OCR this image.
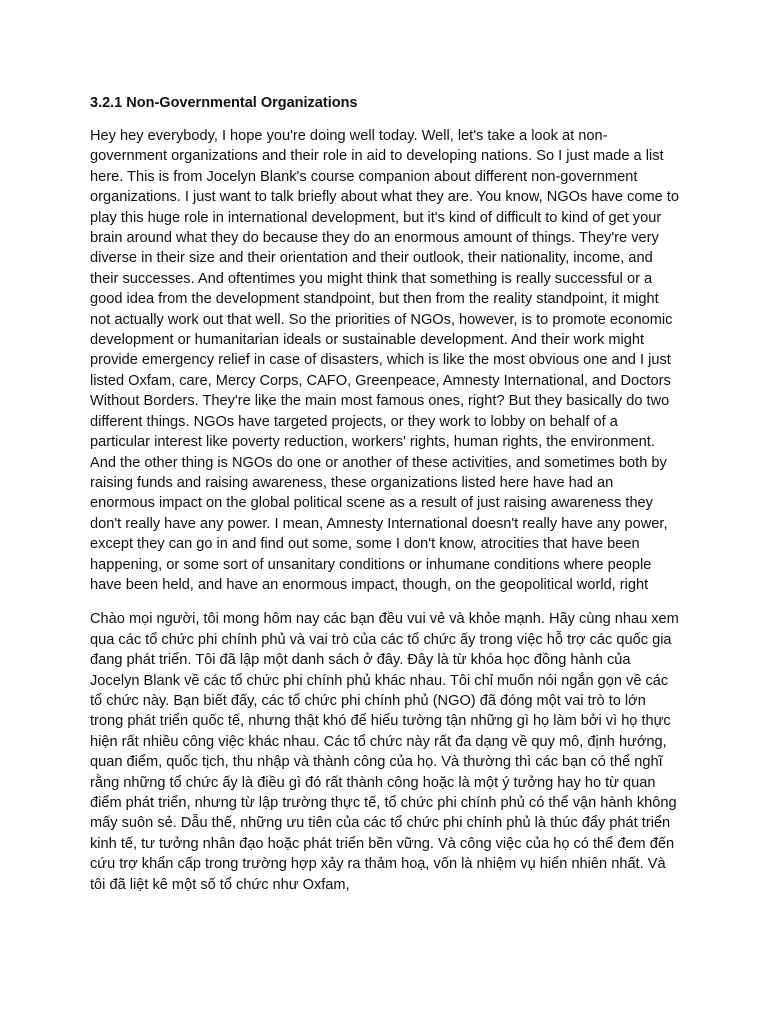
3.2.1 Non-Governmental Organizations

Hey hey everybody, I hope you're doing well today. Well, let's take a look at non-government organizations and their role in aid to developing nations. So I just made a list here. This is from Jocelyn Blank's course companion about different non-government organizations. I just want to talk briefly about what they are. You know, NGOs have come to play this huge role in international development, but it's kind of difficult to kind of get your brain around what they do because they do an enormous amount of things. They're very diverse in their size and their orientation and their outlook, their nationality, income, and their successes. And oftentimes you might think that something is really successful or a good idea from the development standpoint, but then from the reality standpoint, it might not actually work out that well. So the priorities of NGOs, however, is to promote economic development or humanitarian ideals or sustainable development. And their work might provide emergency relief in case of disasters, which is like the most obvious one and I just listed Oxfam, care, Mercy Corps, CAFO, Greenpeace, Amnesty International, and Doctors Without Borders. They're like the main most famous ones, right? But they basically do two different things. NGOs have targeted projects, or they work to lobby on behalf of a particular interest like poverty reduction, workers' rights, human rights, the environment. And the other thing is NGOs do one or another of these activities, and sometimes both by raising funds and raising awareness, these organizations listed here have had an enormous impact on the global political scene as a result of just raising awareness they don't really have any power. I mean, Amnesty International doesn't really have any power, except they can go in and find out some, some I don't know, atrocities that have been happening, or some sort of unsanitary conditions or inhumane conditions where people have been held, and have an enormous impact, though, on the geopolitical world, right

Chào mọi người, tôi mong hôm nay các bạn đều vui vẻ và khỏe mạnh. Hãy cùng nhau xem qua các tổ chức phi chính phủ và vai trò của các tổ chức ấy trong việc hỗ trợ các quốc gia đang phát triển. Tôi đã lập một danh sách ở đây. Đây là từ khóa học đồng hành của Jocelyn Blank về các tổ chức phi chính phủ khác nhau. Tôi chỉ muốn nói ngắn gọn về các tổ chức này. Bạn biết đấy, các tổ chức phi chính phủ (NGO) đã đóng một vai trò to lớn trong phát triển quốc tế, nhưng thật khó để hiểu tường tận những gì họ làm bởi vì họ thực hiện rất nhiều công việc khác nhau. Các tổ chức này rất đa dạng về quy mô, định hướng, quan điểm, quốc tịch, thu nhập và thành công của họ. Và thường thì các bạn có thể nghĩ rằng những tổ chức ấy là điều gì đó rất thành công hoặc là một ý tưởng hay ho từ quan điểm phát triển, nhưng từ lập trường thực tế, tổ chức phi chính phủ có thể vận hành không mấy suôn sẻ. Dẫu thế, những ưu tiên của các tổ chức phi chính phủ là thúc đẩy phát triển kinh tế, tư tưởng nhân đạo hoặc phát triển bền vững. Và công việc của họ có thể đem đến cứu trợ khẩn cấp trong trường hợp xảy ra thảm hoạ, vốn là nhiệm vụ hiển nhiên nhất. Và tôi đã liệt kê một số tổ chức như Oxfam,
